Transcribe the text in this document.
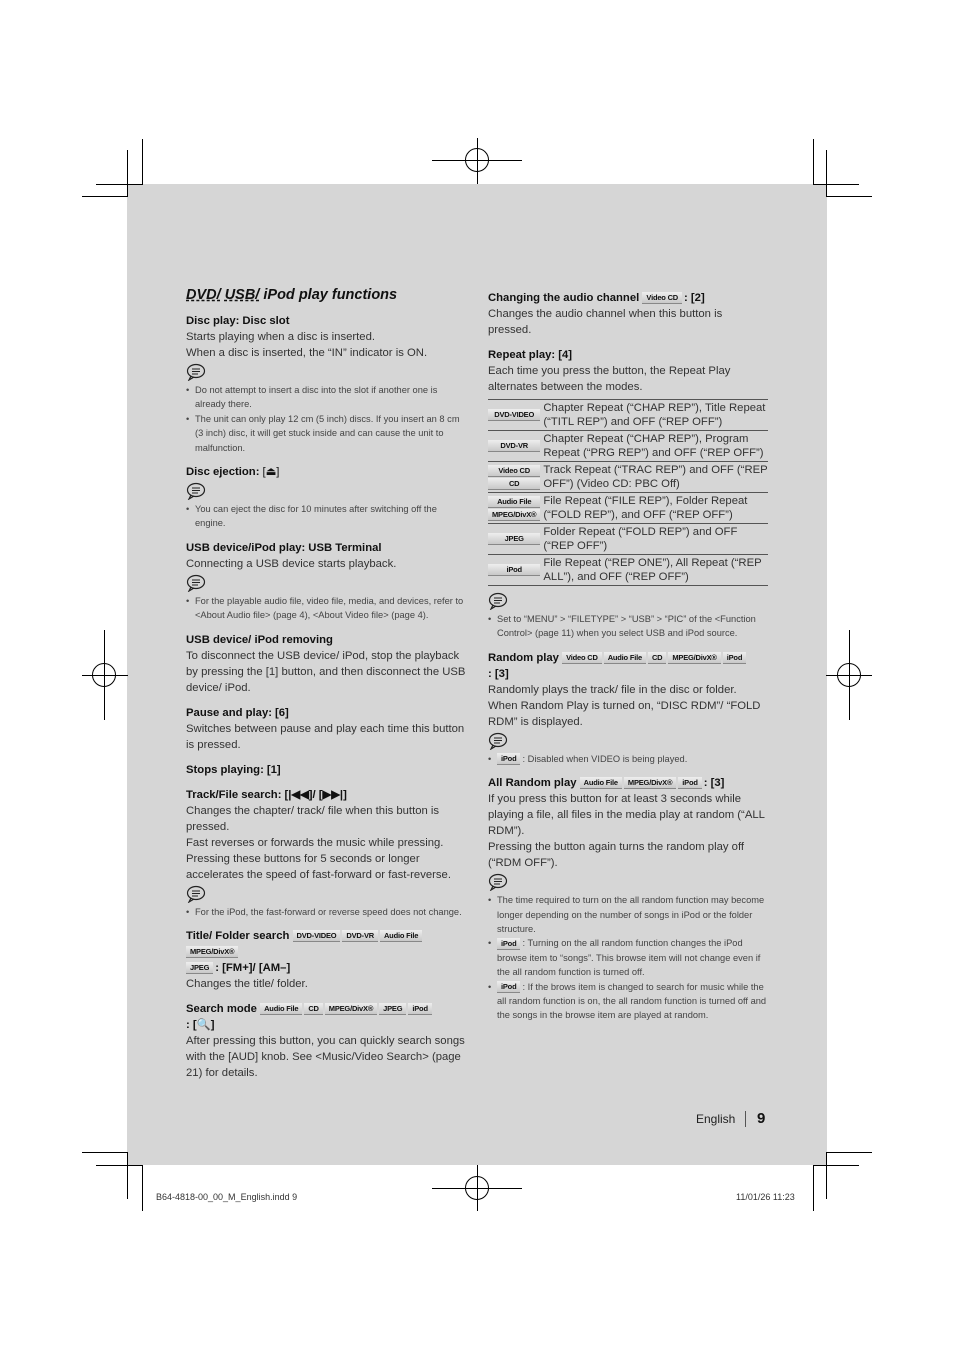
DVD/ USB/ iPod play functions
Disc play: Disc slot
Starts playing when a disc is inserted.
When a disc is inserted, the “IN” indicator is ON.
• Do not attempt to insert a disc into the slot if another one is already there.
• The unit can only play 12 cm (5 inch) discs. If you insert an 8 cm (3 inch) disc, it will get stuck inside and can cause the unit to malfunction.
Disc ejection: [⏏]
• You can eject the disc for 10 minutes after switching off the engine.
USB device/iPod play: USB Terminal
Connecting a USB device starts playback.
• For the playable audio file, video file, media, and devices, refer to <About Audio file> (page 4), <About Video file> (page 4).
USB device/ iPod removing
To disconnect the USB device/ iPod, stop the playback by pressing the [1] button, and then disconnect the USB device/ iPod.
Pause and play: [6]
Switches between pause and play each time this button is pressed.
Stops playing: [1]
Track/File search: [|◀◀]/ [▶▶|]
Changes the chapter/ track/ file when this button is pressed.
Fast reverses or forwards the music while pressing. Pressing these buttons for 5 seconds or longer accelerates the speed of fast-forward or fast-reverse.
• For the iPod, the fast-forward or reverse speed does not change.
Title/ Folder search DVD-VIDEO DVD-VR Audio FileMPEG/DivX®
JPEG : [FM+]/ [AM–]
Changes the title/ folder.
Search mode Audio File CD MPEG/DivX® JPEG iPod
: [🔍]
After pressing this button, you can quickly search songs with the [AUD] knob. See <Music/Video Search> (page 21) for details.
Changing the audio channel Video CD : [2]
Changes the audio channel when this button is pressed.
Repeat play: [4]
Each time you press the button, the Repeat Play alternates between the modes.
DVD-VIDEO	Chapter Repeat (“CHAP REP”), Title Repeat (“TITL REP”) and OFF (“REP OFF”)

DVD-VR	Chapter Repeat (“CHAP REP”), Program Repeat (“PRG REP”) and OFF (“REP OFF”)

Video CD
CD	Track Repeat (“TRAC REP”) and OFF (“REP OFF”) (Video CD: PBC Off)

Audio File
MPEG/DivX®	File Repeat (“FILE REP”), Folder Repeat (“FOLD REP”), and OFF (“REP OFF”)

JPEG	Folder Repeat (“FOLD REP”) and OFF (“REP OFF”)

iPod	File Repeat (“REP ONE”), All Repeat (“REP ALL”), and OFF (“REP OFF”)
• Set to “MENU” > “FILETYPE” > “USB” > “PIC” of the <Function Control> (page 11) when you select USB and iPod source.
Random play Video CD Audio File CD MPEG/DivX® iPod
: [3]
Randomly plays the track/ file in the disc or folder. When Random Play is turned on, “DISC RDM”/ “FOLD RDM” is displayed.
• iPod : Disabled when VIDEO is being played.
All Random play Audio File MPEG/DivX® iPod : [3]
If you press this button for at least 3 seconds while playing a file, all files in the media play at random (“ALL RDM”).
Pressing the button again turns the random play off (“RDM OFF”).
• The time required to turn on the all random function may become longer depending on the number of songs in iPod or the folder structure.
• iPod : Turning on the all random function changes the iPod browse item to “songs”. This browse item will not change even if the all random function is turned off.
• iPod : If the brows item is changed to search for music while the all random function is on, the all random function is turned off and the songs in the browse item are played at random.
English 9
B64-4818-00_00_M_English.indd 9	11/01/26 11:23
